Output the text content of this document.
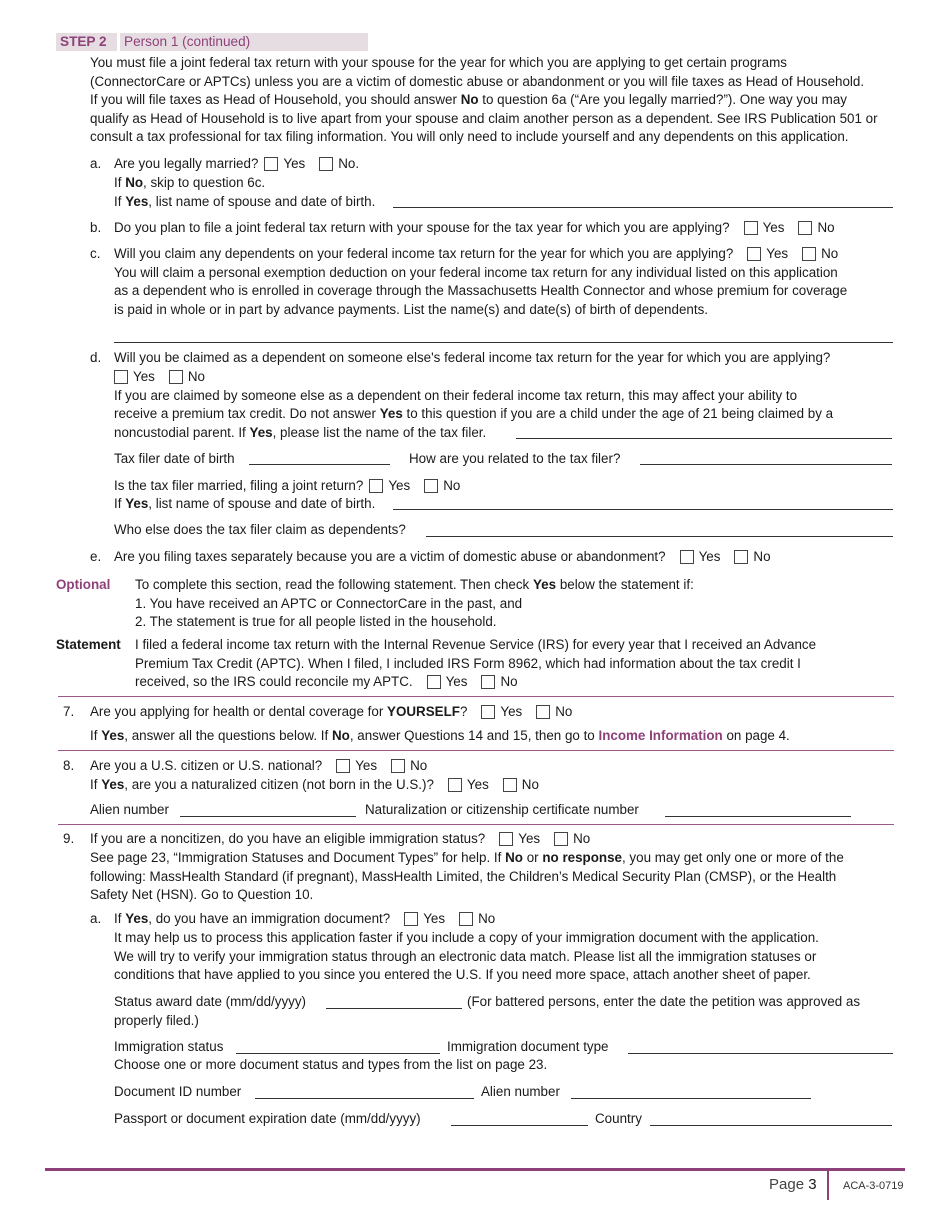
STEP 2 Person 1 (continued)
You must file a joint federal tax return with your spouse for the year for which you are applying to get certain programs
(ConnectorCare or APTCs) unless you are a victim of domestic abuse or abandonment or you will file taxes as Head of Household.
If you will file taxes as Head of Household, you should answer No to question 6a (“Are you legally married?”). One way you may
qualify as Head of Household is to live apart from your spouse and claim another person as a dependent. See IRS Publication 501 or
consult a tax professional for tax filing information. You will only need to include yourself and any dependents on this application.
a. Are you legally married? Yes No.
If No, skip to question 6c.
If Yes, list name of spouse and date of birth.
b. Do you plan to file a joint federal tax return with your spouse for the tax year for which you are applying? Yes No
c. Will you claim any dependents on your federal income tax return for the year for which you are applying? Yes No
You will claim a personal exemption deduction on your federal income tax return for any individual listed on this application
as a dependent who is enrolled in coverage through the Massachusetts Health Connector and whose premium for coverage
is paid in whole or in part by advance payments. List the name(s) and date(s) of birth of dependents.
d. Will you be claimed as a dependent on someone else's federal income tax return for the year for which you are applying?
Yes No
If you are claimed by someone else as a dependent on their federal income tax return, this may affect your ability to
receive a premium tax credit. Do not answer Yes to this question if you are a child under the age of 21 being claimed by a
noncustodial parent. If Yes, please list the name of the tax filer.
Tax filer date of birth	How are you related to the tax filer?
Is the tax filer married, filing a joint return? Yes No
If Yes, list name of spouse and date of birth.
Who else does the tax filer claim as dependents?
e. Are you filing taxes separately because you are a victim of domestic abuse or abandonment? Yes No
Optional To complete this section, read the following statement. Then check Yes below the statement if:
1. You have received an APTC or ConnectorCare in the past, and
2. The statement is true for all people listed in the household.
Statement I filed a federal income tax return with the Internal Revenue Service (IRS) for every year that I received an Advance
Premium Tax Credit (APTC). When I filed, I included IRS Form 8962, which had information about the tax credit I
received, so the IRS could reconcile my APTC. Yes No
7. Are you applying for health or dental coverage for YOURSELF? Yes No
If Yes, answer all the questions below. If No, answer Questions 14 and 15, then go to Income Information on page 4.
8. Are you a U.S. citizen or U.S. national? Yes No
If Yes, are you a naturalized citizen (not born in the U.S.)? Yes No
Alien number	Naturalization or citizenship certificate number
9. If you are a noncitizen, do you have an eligible immigration status? Yes No
See page 23, “Immigration Statuses and Document Types” for help. If No or no response, you may get only one or more of the
following: MassHealth Standard (if pregnant), MassHealth Limited, the Children’s Medical Security Plan (CMSP), or the Health
Safety Net (HSN). Go to Question 10.
a. If Yes, do you have an immigration document? Yes No
It may help us to process this application faster if you include a copy of your immigration document with the application.
We will try to verify your immigration status through an electronic data match. Please list all the immigration statuses or
conditions that have applied to you since you entered the U.S. If you need more space, attach another sheet of paper.
Status award date (mm/dd/yyyy)	(For battered persons, enter the date the petition was approved as
properly filed.)
Immigration status	Immigration document type
Choose one or more document status and types from the list on page 23.
Document ID number	Alien number
Passport or document expiration date (mm/dd/yyyy)	Country
Page 3 ACA-3-0719
